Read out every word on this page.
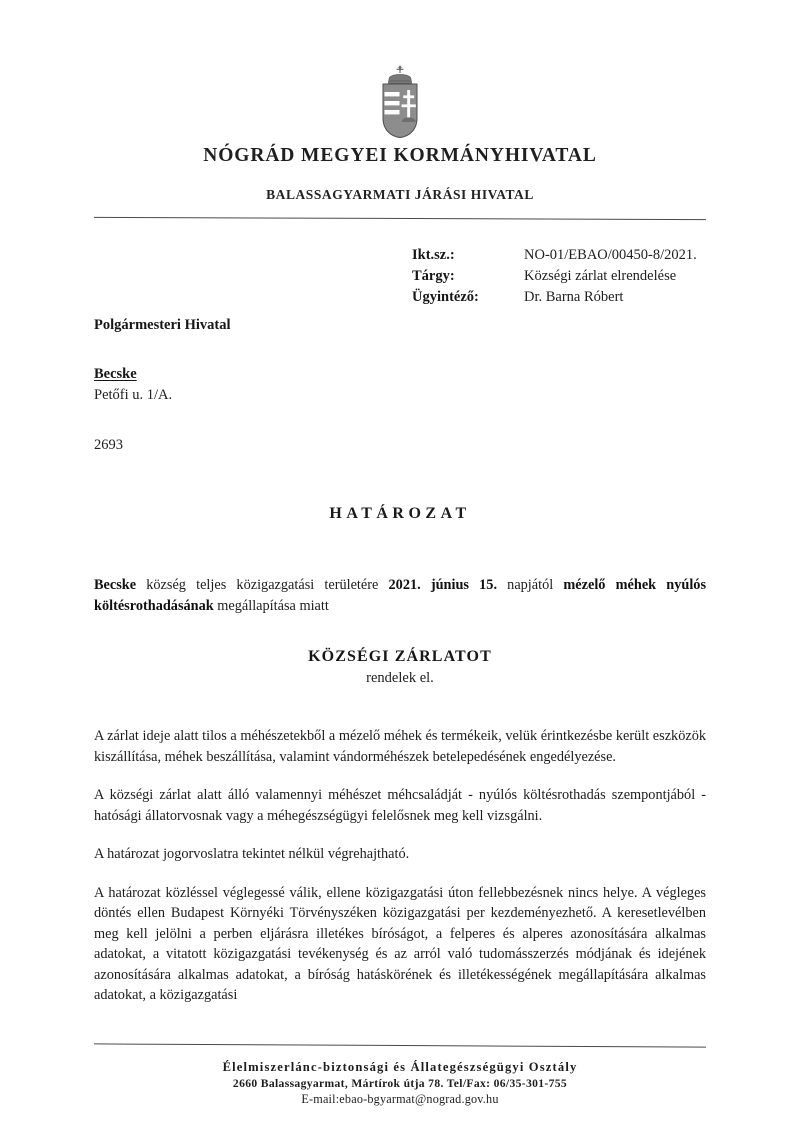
NÓGRÁD MEGYEI KORMÁNYHIVATAL
BALASSAGYARMATI JÁRÁSI HIVATAL
Ikt.sz.:	NO-01/EBAO/00450-8/2021.
Tárgy:	Községi zárlat elrendelése
Ügyintéző:	Dr. Barna Róbert
Polgármesteri Hivatal
Becske
Petőfi u. 1/A.
2693
HATÁROZAT

Becske község teljes közigazgatási területére 2021. június 15. napjától mézelő méhek nyúlós költésrothadásának megállapítása miatt

KÖZSÉGI ZÁRLATOT
rendelek el.

A zárlat ideje alatt tilos a méhészetekből a mézelő méhek és termékeik, velük érintkezésbe került eszközök kiszállítása, méhek beszállítása, valamint vándorméhészek betelepedésének engedélyezése.

A községi zárlat alatt álló valamennyi méhészet méhcsaládját - nyúlós költésrothadás szempontjából - hatósági állatorvosnak vagy a méhegészségügyi felelősnek meg kell vizsgálni.

A határozat jogorvoslatra tekintet nélkül végrehajtható.

A határozat közléssel véglegessé válik, ellene közigazgatási úton fellebbezésnek nincs helye. A végleges döntés ellen Budapest Környéki Törvényszéken közigazgatási per kezdeményezhető. A keresetlevélben meg kell jelölni a perben eljárásra illetékes bíróságot, a felperes és alperes azonosítására alkalmas adatokat, a vitatott közigazgatási tevékenység és az arról való tudomásszerzés módjának és idejének azonosítására alkalmas adatokat, a bíróság hatáskörének és illetékességének megállapítására alkalmas adatokat, a közigazgatási

Élelmiszerlánc-biztonsági és Állategészségügyi Osztály
2660 Balassagyarmat, Mártírok útja 78. Tel/Fax: 06/35-301-755
E-mail:ebao-bgyarmat@nograd.gov.hu
